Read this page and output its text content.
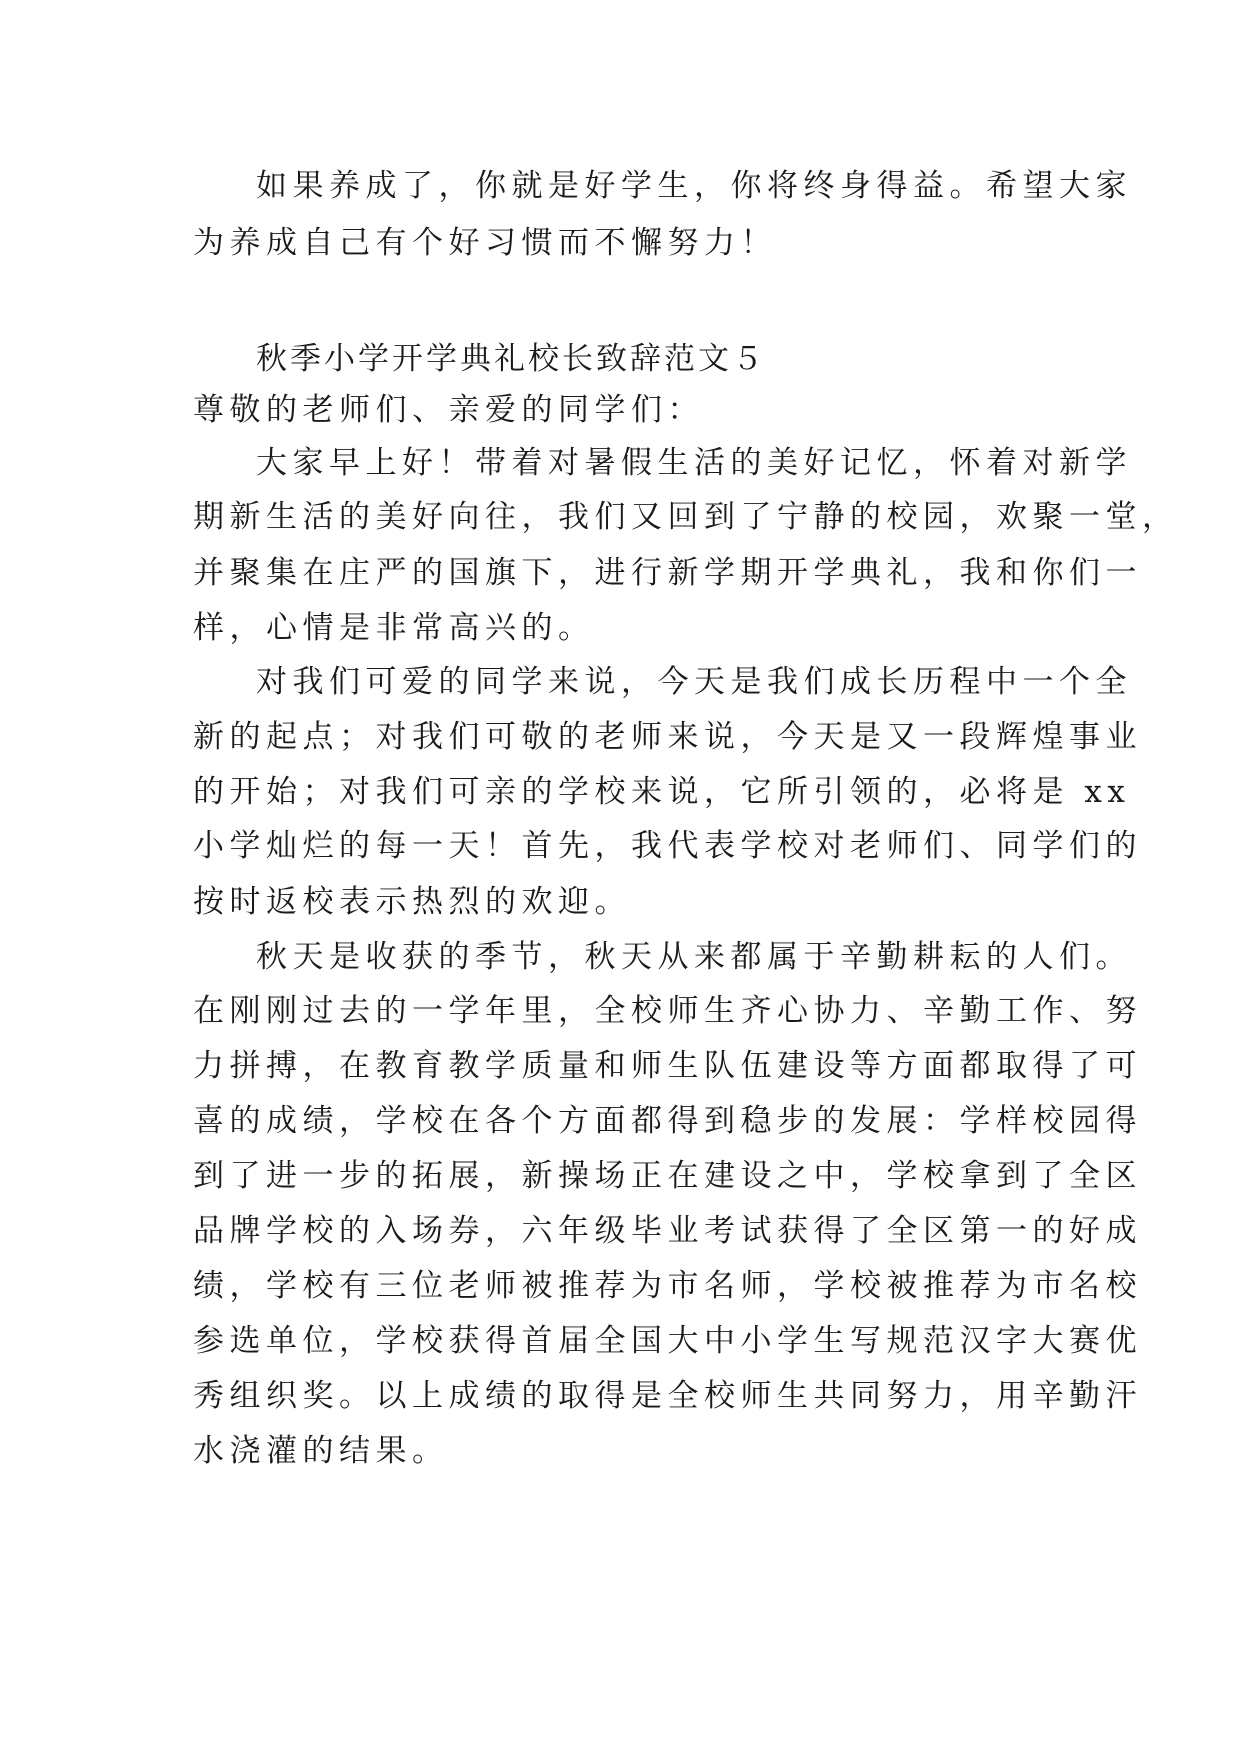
如果养成了，你就是好学生，你将终身得益。希望大家
为养成自己有个好习惯而不懈努力！
秋季小学开学典礼校长致辞范文５
尊敬的老师们、亲爱的同学们：
大家早上好！带着对暑假生活的美好记忆，怀着对新学
期新生活的美好向往，我们又回到了宁静的校园，欢聚一堂，
并聚集在庄严的国旗下，进行新学期开学典礼，我和你们一
样，心情是非常高兴的。
对我们可爱的同学来说，今天是我们成长历程中一个全
新的起点；对我们可敬的老师来说，今天是又一段辉煌事业
的开始；对我们可亲的学校来说，它所引领的，必将是 xx
小学灿烂的每一天！首先，我代表学校对老师们、同学们的
按时返校表示热烈的欢迎。
秋天是收获的季节，秋天从来都属于辛勤耕耘的人们。
在刚刚过去的一学年里，全校师生齐心协力、辛勤工作、努
力拼搏，在教育教学质量和师生队伍建设等方面都取得了可
喜的成绩，学校在各个方面都得到稳步的发展：学样校园得
到了进一步的拓展，新操场正在建设之中，学校拿到了全区
品牌学校的入场券，六年级毕业考试获得了全区第一的好成
绩，学校有三位老师被推荐为市名师，学校被推荐为市名校
参选单位，学校获得首届全国大中小学生写规范汉字大赛优
秀组织奖。以上成绩的取得是全校师生共同努力，用辛勤汗
水浇灌的结果。
